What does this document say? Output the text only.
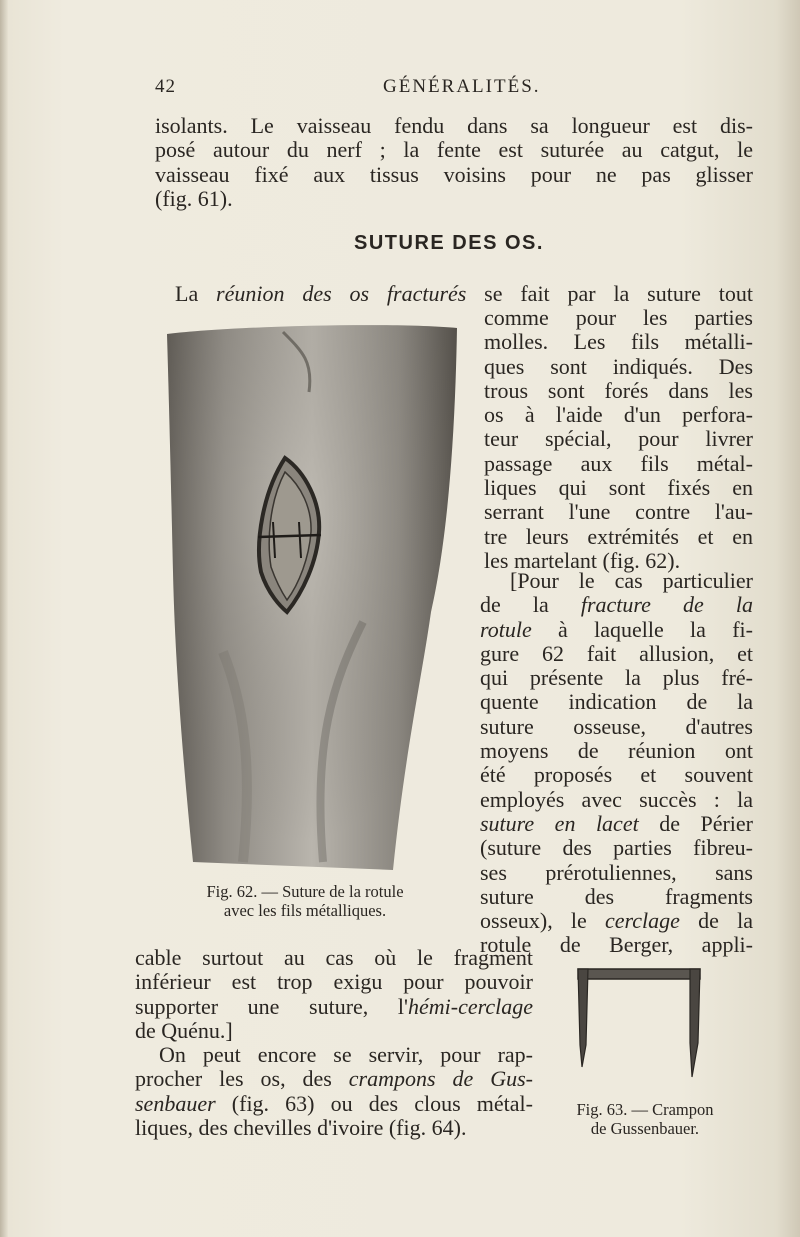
42	GÉNÉRALITÉS.

isolants. Le vaisseau fendu dans sa longueur est dis-
posé autour du nerf ; la fente est suturée au catgut, le
vaisseau fixé aux tissus voisins pour ne pas glisser
(fig. 61).

SUTURE DES OS.

La réunion des os fracturés se fait par la suture tout

comme pour les parties
molles. Les fils métalli-
ques sont indiqués. Des
trous sont forés dans les
os à l'aide d'un perfora-
teur spécial, pour livrer
passage aux fils métal-
liques qui sont fixés en
serrant l'une contre l'au-
tre leurs extrémités et en
les martelant (fig. 62).

[Pour le cas particulier
de la fracture de la
rotule à laquelle la fi-
gure 62 fait allusion, et
qui présente la plus fré-
quente indication de la
suture osseuse, d'autres
moyens de réunion ont
été proposés et souvent
employés avec succès : la
suture en lacet de Périer
(suture des parties fibreu-
ses prérotuliennes, sans
suture des fragments
osseux), le cerclage de la
rotule de Berger, appli-

cable surtout au cas où le fragment
inférieur est trop exigu pour pouvoir
supporter une suture, l'hémi-cerclage
de Quénu.]

On peut encore se servir, pour rap-
procher les os, des crampons de Gus-
senbauer (fig. 63) ou des clous métal-
liques, des chevilles d'ivoire (fig. 64).

Fig. 62. — Suture de la rotule
avec les fils métalliques.
Fig. 63. — Crampon
de Gussenbauer.
